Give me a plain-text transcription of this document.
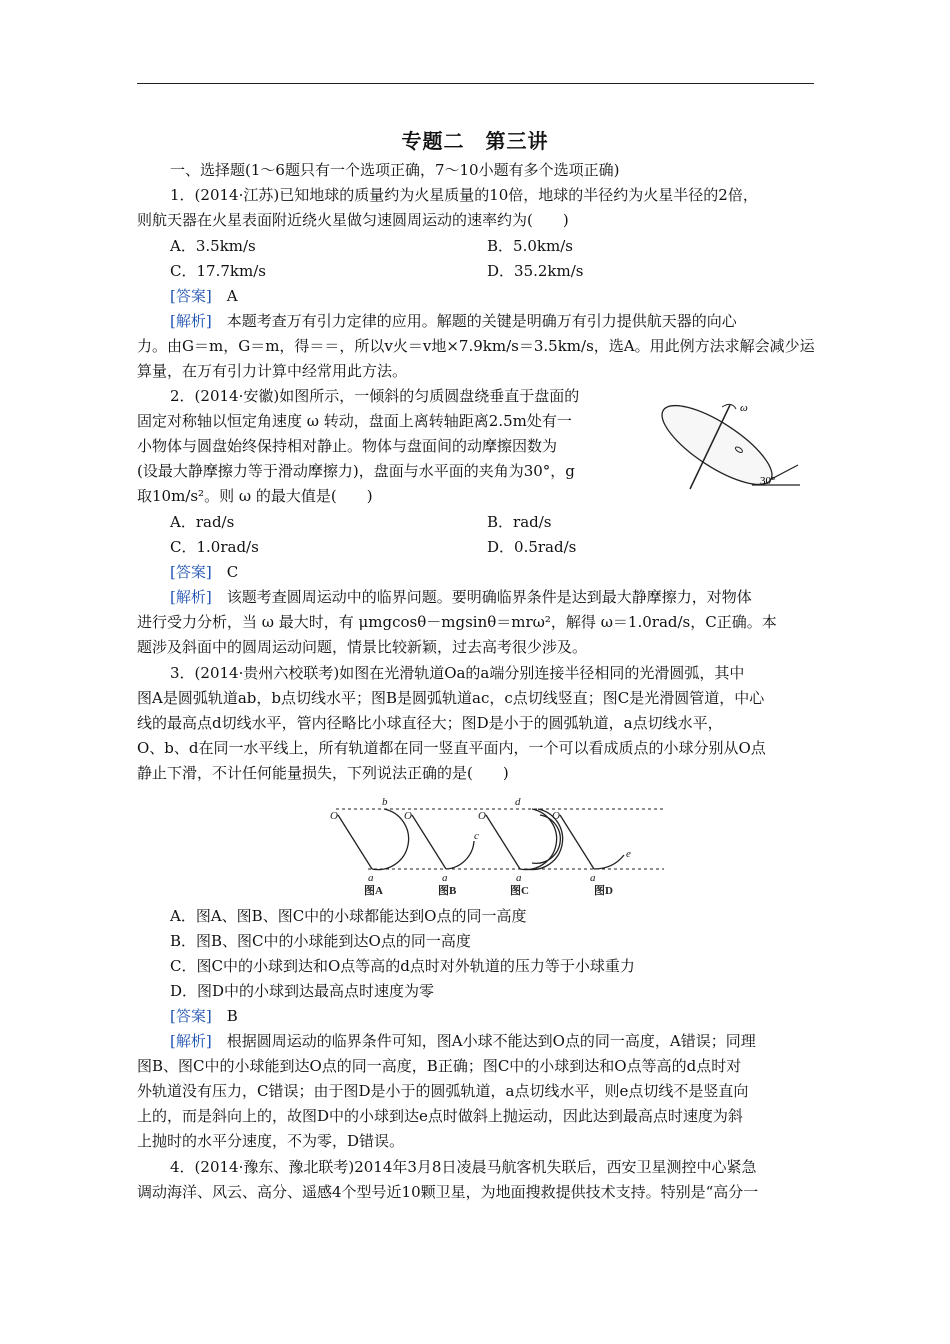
专题二　第三讲
一、选择题(1～6题只有一个选项正确，7～10小题有多个选项正确)
1．(2014·江苏)已知地球的质量约为火星质量的10倍，地球的半径约为火星半径的2倍，
则航天器在火星表面附近绕火星做匀速圆周运动的速率约为(　　)
A．3.5km/s	B．5.0km/s
C．17.7km/s	D．35.2km/s
[答案]　 A
[解析]　 本题考查万有引力定律的应用。解题的关键是明确万有引力提供航天器的向心
力。由G＝m，G＝m，得＝＝，所以v火＝v地×7.9km/s＝3.5km/s，选A。用此例方法求解会减少运
算量，在万有引力计算中经常用此方法。
2．(2014·安徽)如图所示，一倾斜的匀质圆盘绕垂直于盘面的
固定对称轴以恒定角速度 ω 转动，盘面上离转轴距离2.5m处有一
小物体与圆盘始终保持相对静止。物体与盘面间的动摩擦因数为
(设最大静摩擦力等于滑动摩擦力)，盘面与水平面的夹角为30°，g
取10m/s²。则 ω 的最大值是(　　)
ω
30°
A．rad/s	B．rad/s
C．1.0rad/s	D．0.5rad/s
[答案]　 C
[解析]　 该题考查圆周运动中的临界问题。要明确临界条件是达到最大静摩擦力，对物体
进行受力分析，当 ω 最大时，有 μmgcosθ－mgsinθ＝mrω²，解得 ω＝1.0rad/s，C正确。本
题涉及斜面中的圆周运动问题，情景比较新颖，过去高考很少涉及。
3．(2014·贵州六校联考)如图在光滑轨道Oa的a端分别连接半径相同的光滑圆弧，其中
图A是圆弧轨道ab，b点切线水平；图B是圆弧轨道ac，c点切线竖直；图C是光滑圆管道，中心
线的最高点d切线水平，管内径略比小球直径大；图D是小于的圆弧轨道，a点切线水平，
O、b、d在同一水平线上，所有轨道都在同一竖直平面内，一个可以看成质点的小球分别从O点
静止下滑，不计任何能量损失，下列说法正确的是(　　)
O
b
a
O
c
a
O
d
a
O
e
a
图A	图B	图C	图D
A．图A、图B、图C中的小球都能达到O点的同一高度
B．图B、图C中的小球能到达O点的同一高度
C．图C中的小球到达和O点等高的d点时对外轨道的压力等于小球重力
D．图D中的小球到达最高点时速度为零
[答案]　 B
[解析]　 根据圆周运动的临界条件可知，图A小球不能达到O点的同一高度，A错误；同理
图B、图C中的小球能到达O点的同一高度，B正确；图C中的小球到达和O点等高的d点时对
外轨道没有压力，C错误；由于图D是小于的圆弧轨道，a点切线水平，则e点切线不是竖直向
上的，而是斜向上的，故图D中的小球到达e点时做斜上抛运动，因此达到最高点时速度为斜
上抛时的水平分速度，不为零，D错误。
4．(2014·豫东、豫北联考)2014年3月8日凌晨马航客机失联后，西安卫星测控中心紧急
调动海洋、风云、高分、遥感4个型号近10颗卫星，为地面搜救提供技术支持。特别是“高分一
